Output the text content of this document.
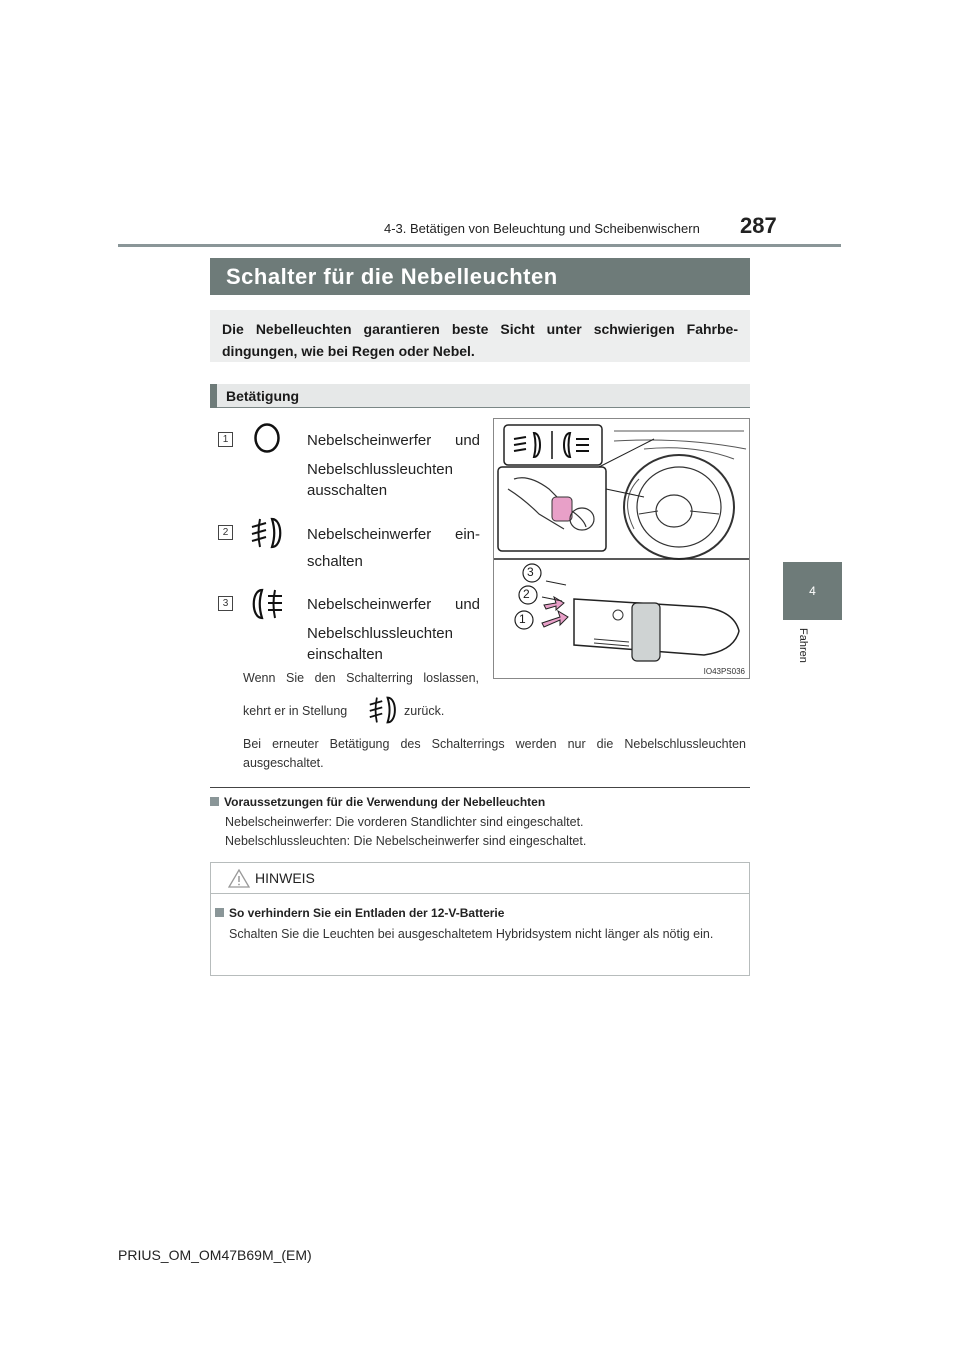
4-3. Betätigen von Beleuchtung und Scheibenwischern 287
4
Fahren
Schalter für die Nebelleuchten
Die Nebelleuchten garantieren beste Sicht unter schwierigen Fahrbe-dingungen, wie bei Regen oder Nebel.
Betätigung
1	Nebelscheinwerfer und
Nebelschlussleuchten
ausschalten
2	Nebelscheinwerfer ein-
schalten
3	Nebelscheinwerfer und
Nebelschlussleuchten
einschalten
Wenn Sie den Schalterring loslassen,
kehrt er in Stellung	zurück.
Bei erneuter Betätigung des Schalterrings werden nur die Nebelschlussleuchten ausgeschaltet.
3
2
1
IO43PS036
Voraussetzungen für die Verwendung der Nebelleuchten
Nebelscheinwerfer: Die vorderen Standlichter sind eingeschaltet.
Nebelschlussleuchten: Die Nebelscheinwerfer sind eingeschaltet.
HINWEIS
So verhindern Sie ein Entladen der 12-V-Batterie
Schalten Sie die Leuchten bei ausgeschaltetem Hybridsystem nicht länger als nötig ein.
PRIUS_OM_OM47B69M_(EM)
